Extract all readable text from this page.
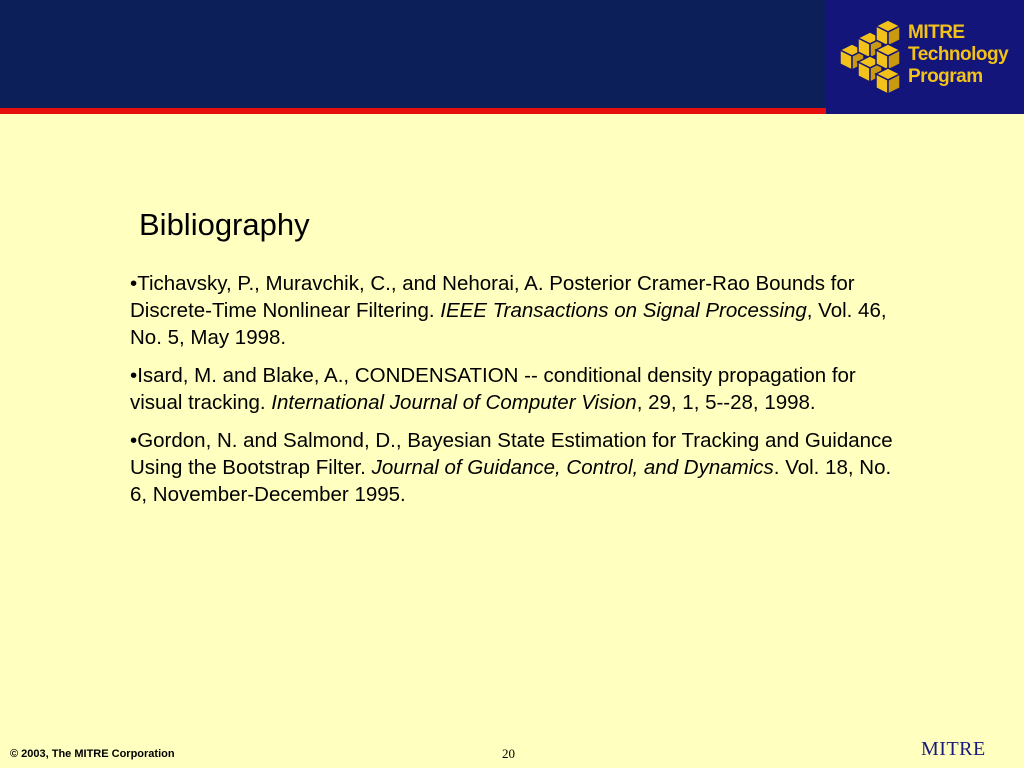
MITRE
Technology
Program
Bibliography

•Tichavsky, P., Muravchik, C., and Nehorai, A. Posterior Cramer-Rao Bounds for Discrete-Time Nonlinear Filtering. IEEE Transactions on Signal Processing, Vol. 46, No. 5, May 1998.

•Isard, M. and Blake, A., CONDENSATION -- conditional density propagation for visual tracking. International Journal of Computer Vision, 29, 1, 5--28, 1998.

•Gordon, N. and Salmond, D., Bayesian State Estimation for Tracking and Guidance Using the Bootstrap Filter. Journal of Guidance, Control, and Dynamics. Vol. 18, No. 6, November-December 1995.

© 2003, The MITRE Corporation	20	MITRE
